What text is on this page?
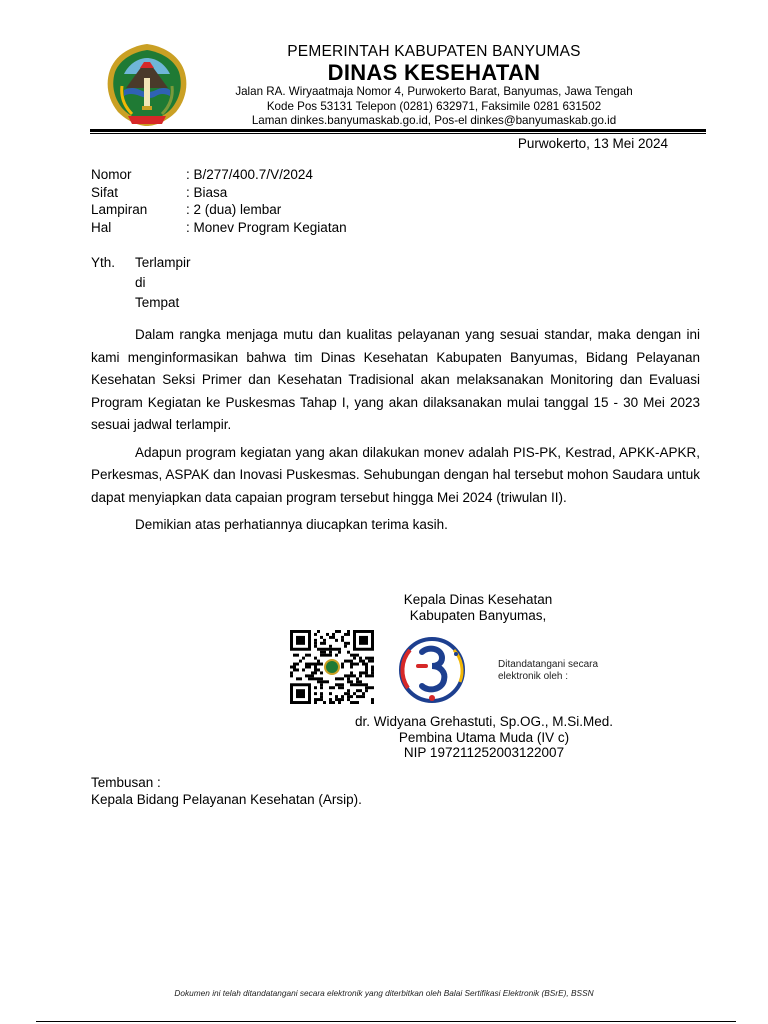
PEMERINTAH KABUPATEN BANYUMAS
DINAS KESEHATAN
Jalan RA. Wiryaatmaja Nomor 4, Purwokerto Barat, Banyumas, Jawa Tengah
Kode Pos 53131 Telepon (0281) 632971, Faksimile 0281 631502
Laman dinkes.banyumaskab.go.id, Pos-el dinkes@banyumaskab.go.id
Purwokerto, 13 Mei 2024
Nomor	: B/277/400.7/V/2024
Sifat	: Biasa
Lampiran	: 2 (dua) lembar
Hal	: Monev Program Kegiatan
Yth.	Terlampir
di
Tempat

Dalam rangka menjaga mutu dan kualitas pelayanan yang sesuai standar, maka dengan ini kami menginformasikan bahwa tim Dinas Kesehatan Kabupaten Banyumas, Bidang Pelayanan Kesehatan Seksi Primer dan Kesehatan Tradisional akan melaksanakan Monitoring dan Evaluasi Program Kegiatan ke Puskesmas Tahap I, yang akan dilaksanakan mulai tanggal 15 - 30 Mei 2023 sesuai jadwal terlampir.

Adapun program kegiatan yang akan dilakukan monev adalah PIS-PK, Kestrad, APKK-APKR, Perkesmas, ASPAK dan Inovasi Puskesmas. Sehubungan dengan hal tersebut mohon Saudara untuk dapat menyiapkan data capaian program tersebut hingga Mei 2024 (triwulan II).

Demikian atas perhatiannya diucapkan terima kasih.

Kepala Dinas Kesehatan
Kabupaten Banyumas,
Ditandatangani secara
elektronik oleh :
dr. Widyana Grehastuti, Sp.OG., M.Si.Med.
Pembina Utama Muda (IV c)
NIP 197211252003122007
Tembusan :
Kepala Bidang Pelayanan Kesehatan (Arsip).
Dokumen ini telah ditandatangani secara elektronik yang diterbitkan oleh Balai Sertifikasi Elektronik (BSrE), BSSN
